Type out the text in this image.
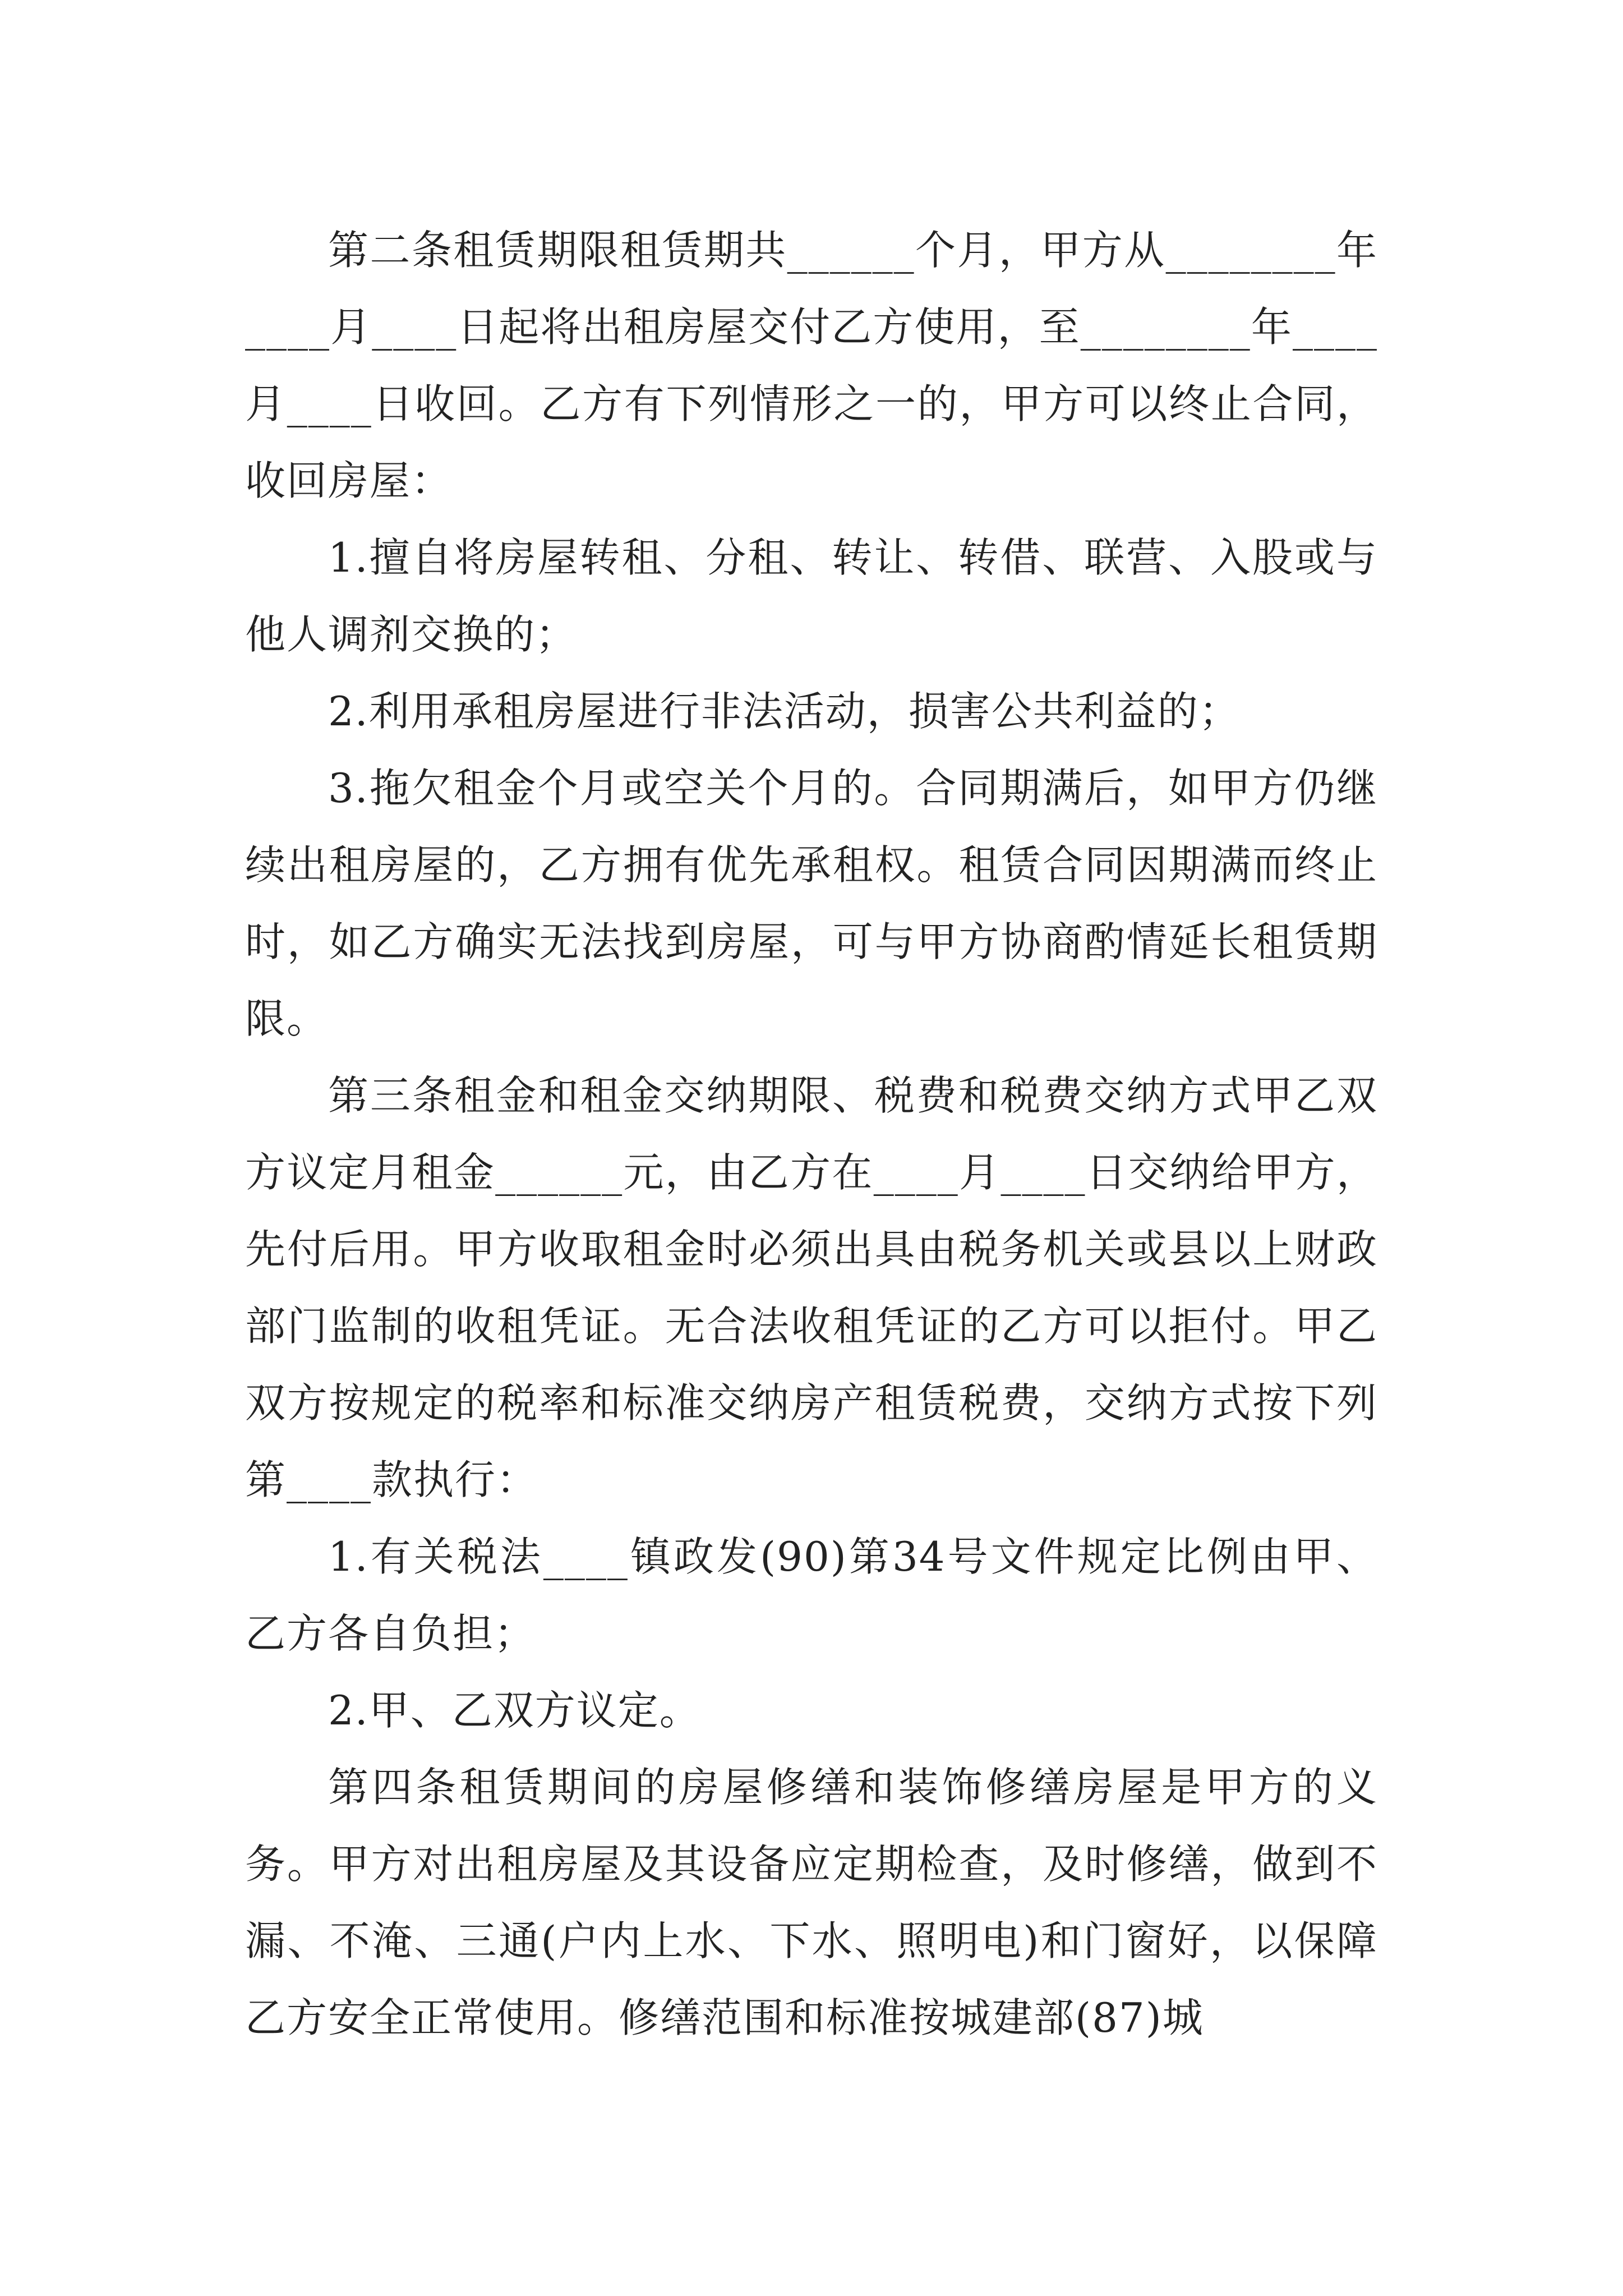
第二条租赁期限租赁期共______个月，甲方从________年____月____日起将出租房屋交付乙方使用，至________年____月____日收回。乙方有下列情形之一的，甲方可以终止合同，收回房屋：

1.擅自将房屋转租、分租、转让、转借、联营、入股或与他人调剂交换的；

2.利用承租房屋进行非法活动，损害公共利益的；

3.拖欠租金个月或空关个月的。合同期满后，如甲方仍继续出租房屋的，乙方拥有优先承租权。租赁合同因期满而终止时，如乙方确实无法找到房屋，可与甲方协商酌情延长租赁期限。

第三条租金和租金交纳期限、税费和税费交纳方式甲乙双方议定月租金______元，由乙方在____月____日交纳给甲方，先付后用。甲方收取租金时必须出具由税务机关或县以上财政部门监制的收租凭证。无合法收租凭证的乙方可以拒付。甲乙双方按规定的税率和标准交纳房产租赁税费，交纳方式按下列第____款执行：

1.有关税法____镇政发(90)第34号文件规定比例由甲、乙方各自负担；

2.甲、乙双方议定。

第四条租赁期间的房屋修缮和装饰修缮房屋是甲方的义务。甲方对出租房屋及其设备应定期检查，及时修缮，做到不漏、不淹、三通(户内上水、下水、照明电)和门窗好，以保障乙方安全正常使用。修缮范围和标准按城建部(87)城
